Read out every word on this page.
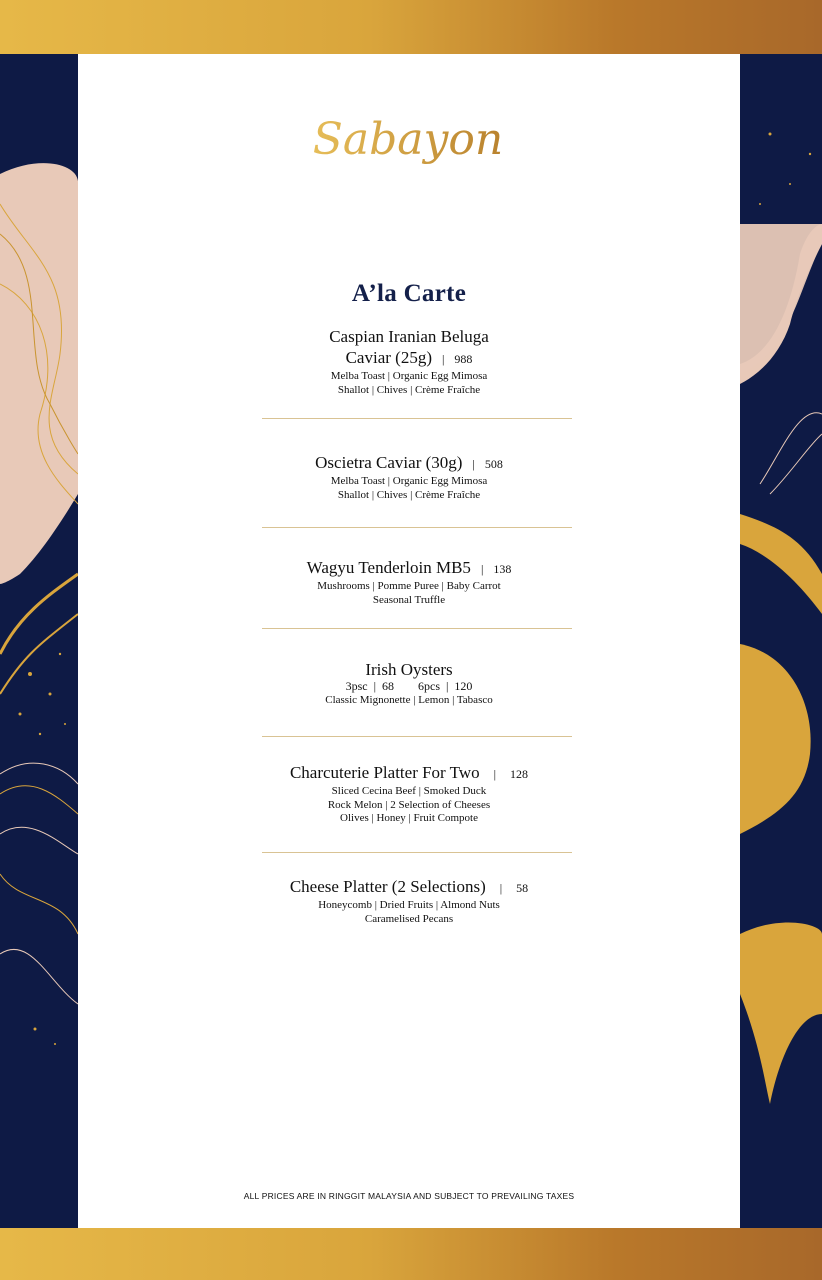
Sabayon
A’la Carte
Caspian Iranian Beluga
Caviar (25g) | 988
Melba Toast | Organic Egg Mimosa
Shallot | Chives | Crème Fraîche
Oscietra Caviar (30g) | 508
Melba Toast | Organic Egg Mimosa
Shallot | Chives | Crème Fraîche
Wagyu Tenderloin MB5 | 138
Mushrooms | Pomme Puree | Baby Carrot
Seasonal Truffle
Irish Oysters
3psc  |  68        6pcs  |  120
Classic Mignonette | Lemon | Tabasco
Charcuterie Platter For Two | 128
Sliced Cecina Beef | Smoked Duck
Rock Melon | 2 Selection of Cheeses
Olives | Honey | Fruit Compote
Cheese Platter (2 Selections) | 58
Honeycomb | Dried Fruits | Almond Nuts
Caramelised Pecans
ALL PRICES ARE IN RINGGIT MALAYSIA AND SUBJECT TO PREVAILING TAXES
